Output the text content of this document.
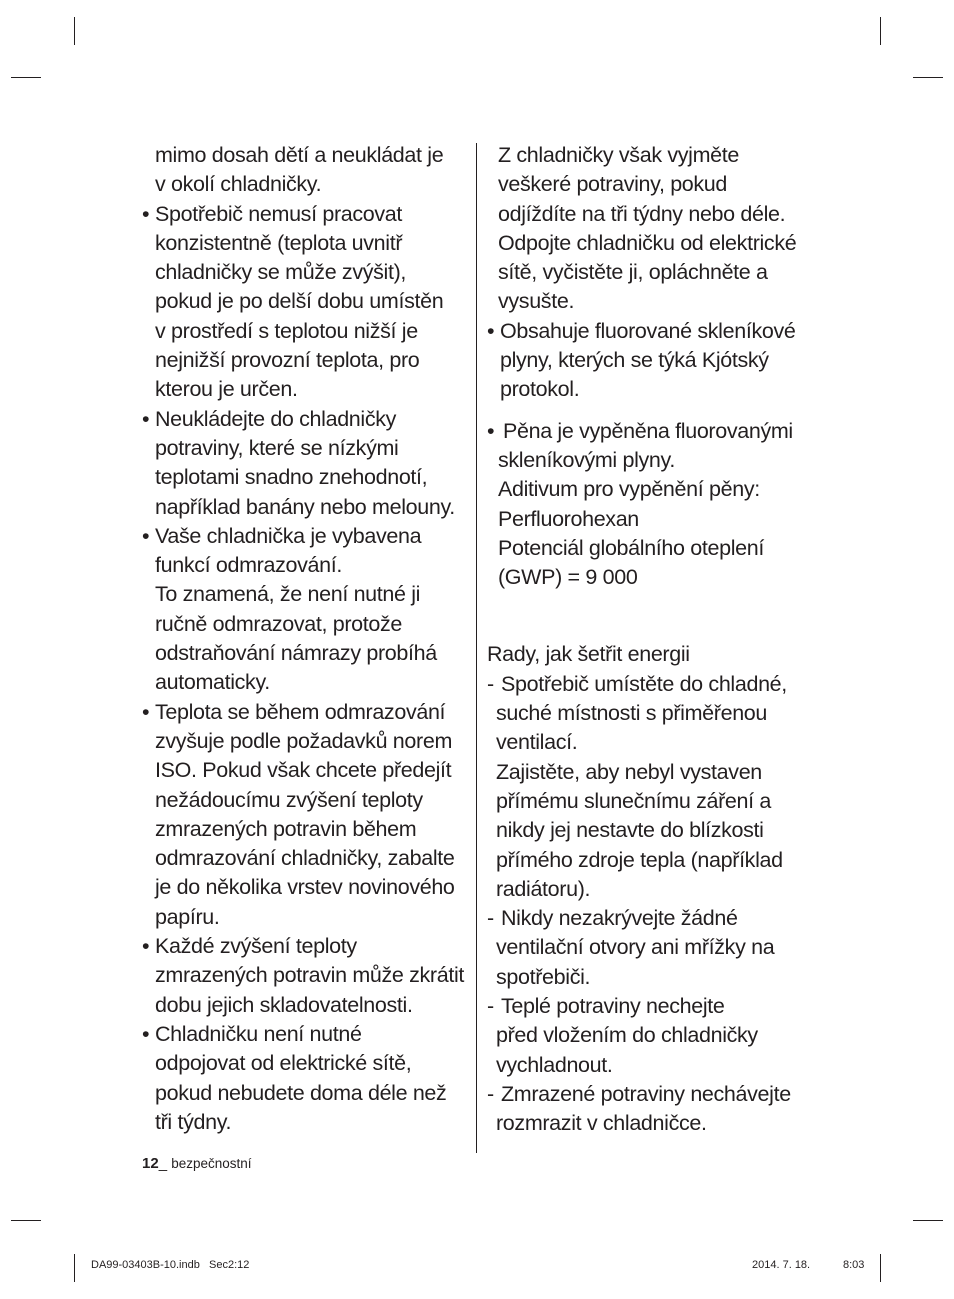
mimo dosah dětí a neukládat je
v okolí chladničky.

• Spotřebič nemusí pracovat
konzistentně (teplota uvnitř
chladničky se může zvýšit),
pokud je po delší dobu umístěn
v prostředí s teplotou nižší je
nejnižší provozní teplota, pro
kterou je určen.

• Neukládejte do chladničky
potraviny, které se nízkými
teplotami snadno znehodnotí,
například banány nebo melouny.

• Vaše chladnička je vybavena
funkcí odmrazování.
To znamená, že není nutné ji
ručně odmrazovat, protože
odstraňování námrazy probíhá
automaticky.

• Teplota se během odmrazování
zvyšuje podle požadavků norem
ISO. Pokud však chcete předejít
nežádoucímu zvýšení teploty
zmrazených potravin během
odmrazování chladničky, zabalte
je do několika vrstev novinového
papíru.

• Každé zvýšení teploty
zmrazených potravin může zkrátit
dobu jejich skladovatelnosti.

• Chladničku není nutné
odpojovat od elektrické sítě,
pokud nebudete doma déle než
tři týdny.

Z chladničky však vyjměte
veškeré potraviny, pokud
odjíždíte na tři týdny nebo déle.
Odpojte chladničku od elektrické
sítě, vyčistěte ji, opláchněte a
vysušte.

• Obsahuje fluorované skleníkové
plyny, kterých se týká Kjótský
protokol.

• Pěna je vypěněna fluorovanými
skleníkovými plyny.
Aditivum pro vypěnění pěny:
Perfluorohexan
Potenciál globálního oteplení
(GWP) = 9 000

Rady, jak šetřit energii

- Spotřebič umístěte do chladné,
suché místnosti s přiměřenou
ventilací.
Zajistěte, aby nebyl vystaven
přímému slunečnímu záření a
nikdy jej nestavte do blízkosti
přímého zdroje tepla (například
radiátoru).

- Nikdy nezakrývejte žádné
ventilační otvory ani mřížky na
spotřebiči.

- Teplé potraviny nechejte
před vložením do chladničky
vychladnout.

- Zmrazené potraviny nechávejte
rozmrazit v chladničce.

12_ bezpečnostní
DA99-03403B-10.indb   Sec2:12	2014. 7. 18.	8:03
